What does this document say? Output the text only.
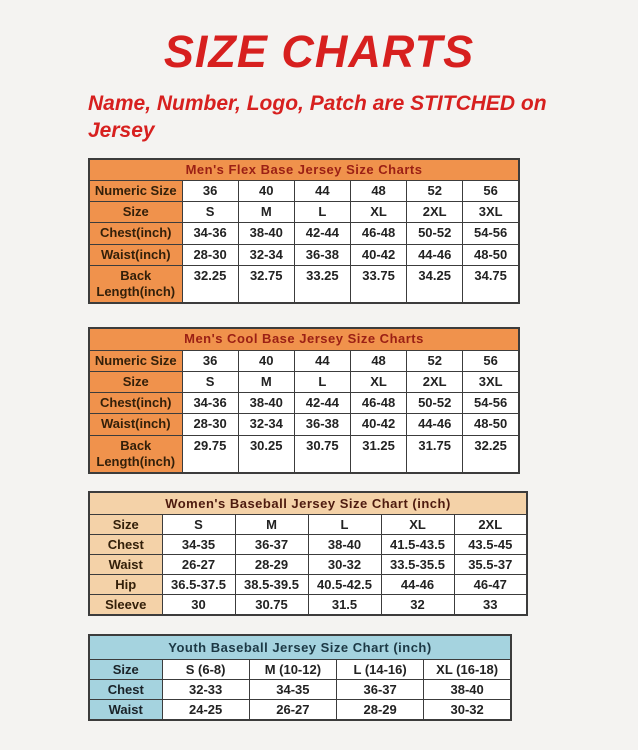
SIZE CHARTS

Name, Number, Logo, Patch are STITCHED on Jersey

Men's Flex Base Jersey Size Charts						
Numeric Size	36	40	44	48	52	56
Size	S	M	L	XL	2XL	3XL
Chest(inch)	34-36	38-40	42-44	46-48	50-52	54-56
Waist(inch)	28-30	32-34	36-38	40-42	44-46	48-50
Back Length(inch)	32.25	32.75	33.25	33.75	34.25	34.75
Men's Cool Base Jersey Size Charts						
Numeric Size	36	40	44	48	52	56
Size	S	M	L	XL	2XL	3XL
Chest(inch)	34-36	38-40	42-44	46-48	50-52	54-56
Waist(inch)	28-30	32-34	36-38	40-42	44-46	48-50
Back Length(inch)	29.75	30.25	30.75	31.25	31.75	32.25
Women's Baseball Jersey Size Chart (inch)					
Size	S	M	L	XL	2XL
Chest	34-35	36-37	38-40	41.5-43.5	43.5-45
Waist	26-27	28-29	30-32	33.5-35.5	35.5-37
Hip	36.5-37.5	38.5-39.5	40.5-42.5	44-46	46-47
Sleeve	30	30.75	31.5	32	33
Youth Baseball Jersey Size Chart (inch)				
Size	S (6-8)	M (10-12)	L (14-16)	XL (16-18)
Chest	32-33	34-35	36-37	38-40
Waist	24-25	26-27	28-29	30-32
